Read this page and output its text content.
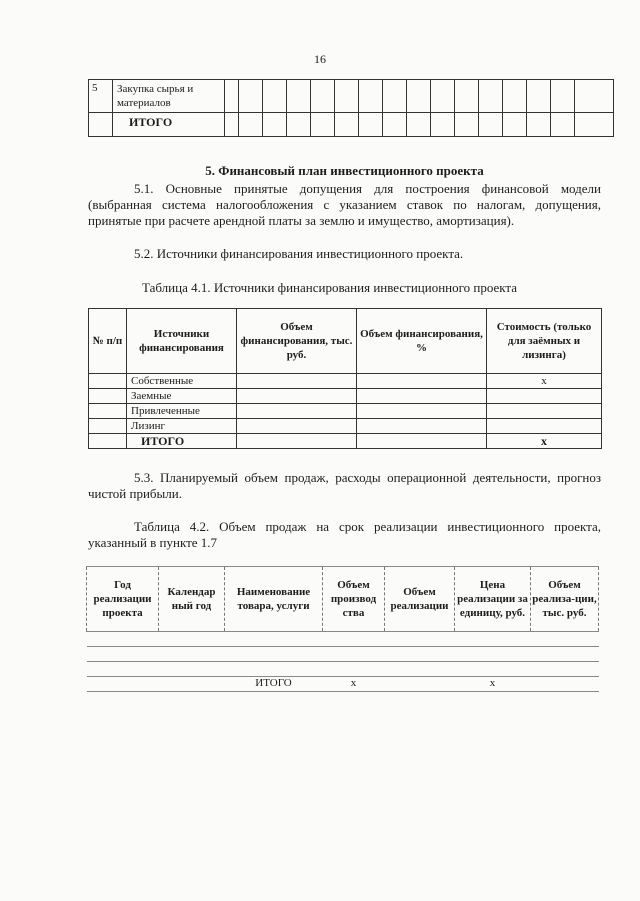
16
5	Закупка сырья и материалов																
	ИТОГО																
5. Финансовый план инвестиционного проекта
5.1. Основные принятые допущения для построения финансовой модели (выбранная система налогообложения с указанием ставок по налогам, допущения, принятые при расчете арендной платы за землю и имущество, амортизация).
5.2. Источники финансирования инвестиционного проекта.
Таблица 4.1. Источники финансирования инвестиционного проекта
№ п/п	Источники финансирования	Объем финансирования, тыс. руб.	Объем финансирования, %	Стоимость (только для заёмных и лизинга)
	Собственные			х
	Заемные			
	Привлеченные			
	Лизинг			
	ИТОГО			х
5.3. Планируемый объем продаж, расходы операционной деятельности, прогноз чистой прибыли.
Таблица 4.2. Объем продаж на срок реализации инвестиционного проекта, указанный в пункте 1.7
Год реализации проекта	Календар ный год	Наименование товара, услуги	Объем производ ства	Объем реализации	Цена реализации за единицу, руб.	Объем реализа-ции, тыс. руб.

		ИТОГО	х		х	
